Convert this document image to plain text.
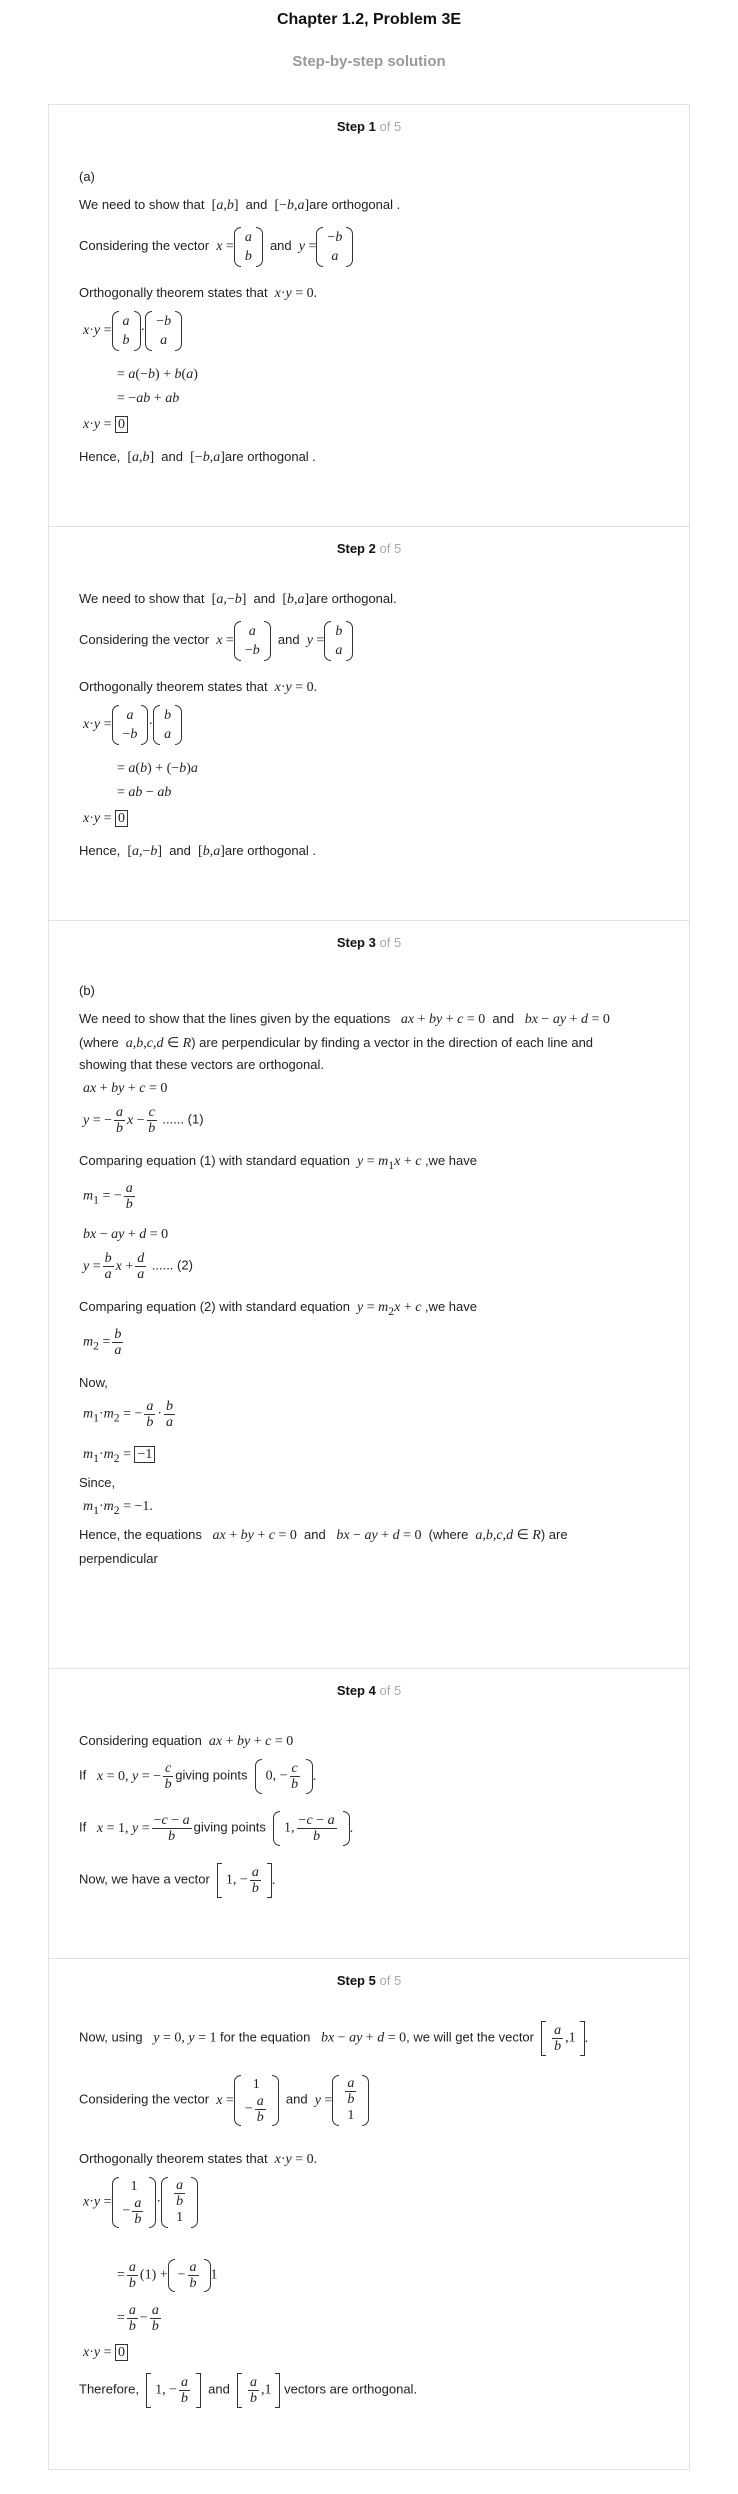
Chapter 1.2, Problem 3E
Step-by-step solution
Step 1 of 5
(a)
We need to show that  [a,b]  and  [−b,a]are orthogonal .
Considering the vector x =
a
b
and y =
−b
a
Orthogonally theorem states that x·y = 0.
x·y =
a
b
·
−b
a
= a(−b) + b(a)
= −ab + ab
x·y = 0
Hence,  [a,b]  and  [−b,a]are orthogonal .
Step 2 of 5
We need to show that  [a,−b]  and  [b,a]are orthogonal.
Considering the vector x =
a
−b
and y =
b
a
Orthogonally theorem states that x·y = 0.
x·y =
a
−b
·
b
a
= a(b) + (−b)a
= ab − ab
x·y = 0
Hence,  [a,−b]  and  [b,a]are orthogonal .
Step 3 of 5
(b)
We need to show that the lines given by the equations ax + by + c = 0  and bx − ay + d = 0
(where a,b,c,d ∈ R) are perpendicular by finding a vector in the direction of each line and
showing that these vectors are orthogonal.
ax + by + c = 0
y = − $\frac{a}{b}$ $x - \frac{c}{b}$ ...... (1)
Comparing equation (1) with standard equation $y = m_1x + c$ ,we have
$m_1$ = − $\frac{a}{b}$
bx − ay + d = 0
$y = \frac{b}{a}$ $x + \frac{d}{a}$ ...... (2)
Comparing equation (2) with standard equation $y = m_2x + c$ ,we have
$m_2 = \frac{b}{a}$
Now,
$m_1\cdot m_2$ = − $\frac{a}{b} \cdot \frac{b}{a}$
$m_1\cdot m_2 = -1$
Since,
$m_1\cdot m_2 = -1$.
Hence, the equations ax + by + c = 0  and bx − ay + d = 0  (where a,b,c,d ∈ R) are
perpendicular
Step 4 of 5
Considering equation ax + by + c = 0
If x = 0, y = − $\frac{c}{b}$ giving points 0, − $\frac{c}{b}$ .
If x = 1, $y = \frac{-c - a}{b}$ giving points 1, $\frac{-c - a}{b}$ .
Now, we have a vector 1, − $\frac{a}{b}$ .
Step 5 of 5
Now, using y = 0, y = 1 for the equation bx − ay + d = 0, we will get the vector $\frac{a}{b} ,1$ .
Considering the vector x =
1
− $\frac{a}{b}$ and y =
a
b
1
Orthogonally theorem states that x·y = 0.
x·y =
1
− $\frac{a}{b}$ ·
a
b
1
= $\frac{a}{b} (1)$ + − $\frac{a}{b} 1$
= $\frac{a}{b} - \frac{a}{b}$
x·y = 0
Therefore, 1, − $\frac{a}{b}$ and $\frac{a}{b} ,1$ vectors are orthogonal.
